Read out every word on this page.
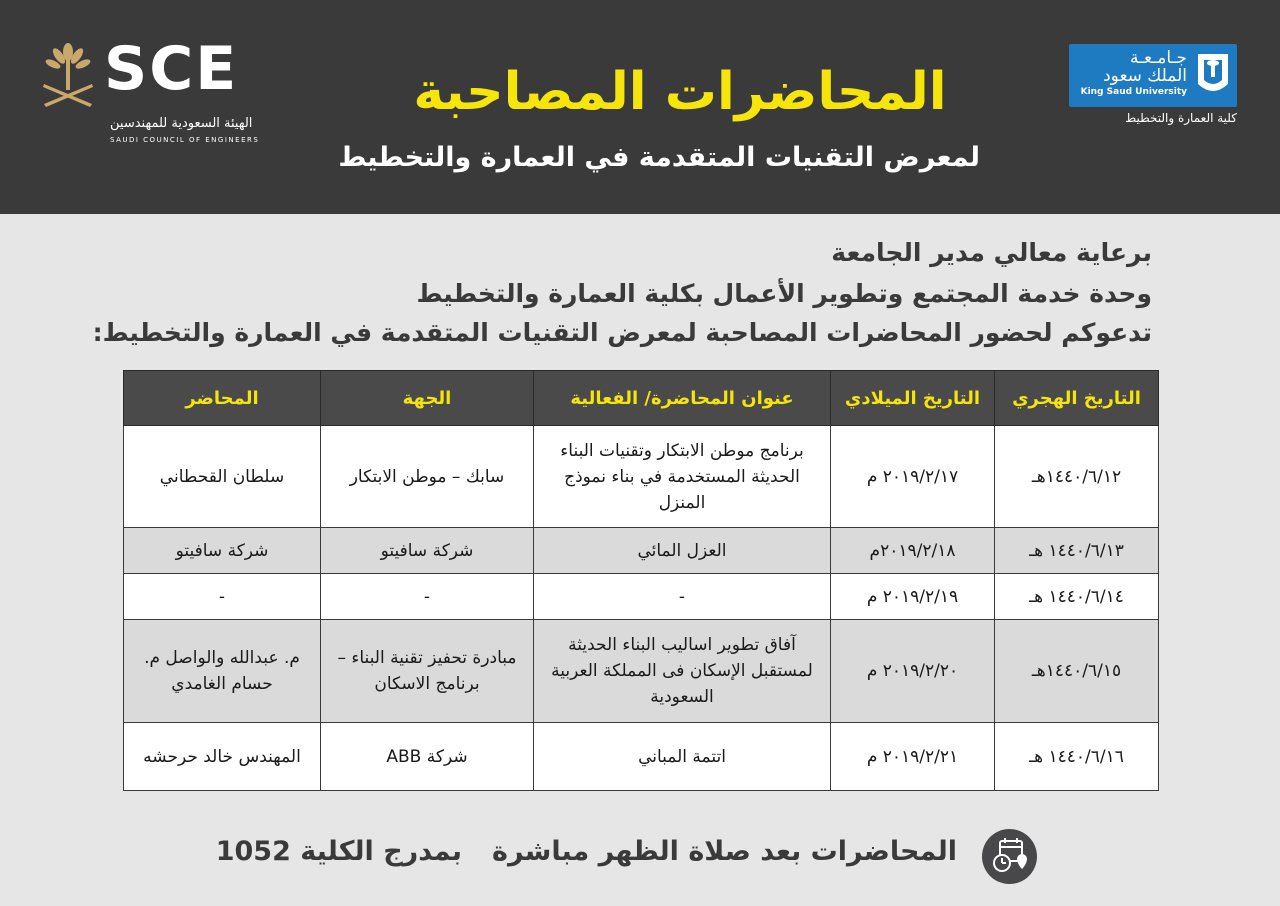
SCE
الهيئة السعودية للمهندسين
SAUDI COUNCIL OF ENGINEERS
المحاضرات المصاحبة
لمعرض التقنيات المتقدمة في العمارة والتخطيط
جـامـعـة
الملك سعود
King Saud University
كلية العمارة والتخطيط
برعاية معالي مدير الجامعة
وحدة خدمة المجتمع وتطوير الأعمال بكلية العمارة والتخطيط
تدعوكم لحضور المحاضرات المصاحبة لمعرض التقنيات المتقدمة في العمارة والتخطيط:
التاريخ الهجري	التاريخ الميلادي	عنوان المحاضرة/ الفعالية	الجهة	المحاضر
١٤٤٠/٦/١٢هـ	٢٠١٩/٢/١٧ م	برنامج موطن الابتكار وتقنيات البناء الحديثة المستخدمة في بناء نموذج المنزل	سابك – موطن الابتكار	سلطان القحطاني
١٤٤٠/٦/١٣ هـ	٢٠١٩/٢/١٨م	العزل المائي	شركة سافيتو	شركة سافيتو
١٤٤٠/٦/١٤ هـ	٢٠١٩/٢/١٩ م	-	-	-
١٤٤٠/٦/١٥هـ	٢٠١٩/٢/٢٠ م	آفاق تطوير اساليب البناء الحديثة لمستقبل الإسكان فى المملكة العربية السعودية	مبادرة تحفيز تقنية البناء – برنامج الاسكان	م. عبدالله والواصل م. حسام الغامدي
١٤٤٠/٦/١٦ هـ	٢٠١٩/٢/٢١ م	اتتمة المباني	شركة ABB	المهندس خالد حرحشه
المحاضرات بعد صلاة الظهر مباشرةبمدرج الكلية 1052
